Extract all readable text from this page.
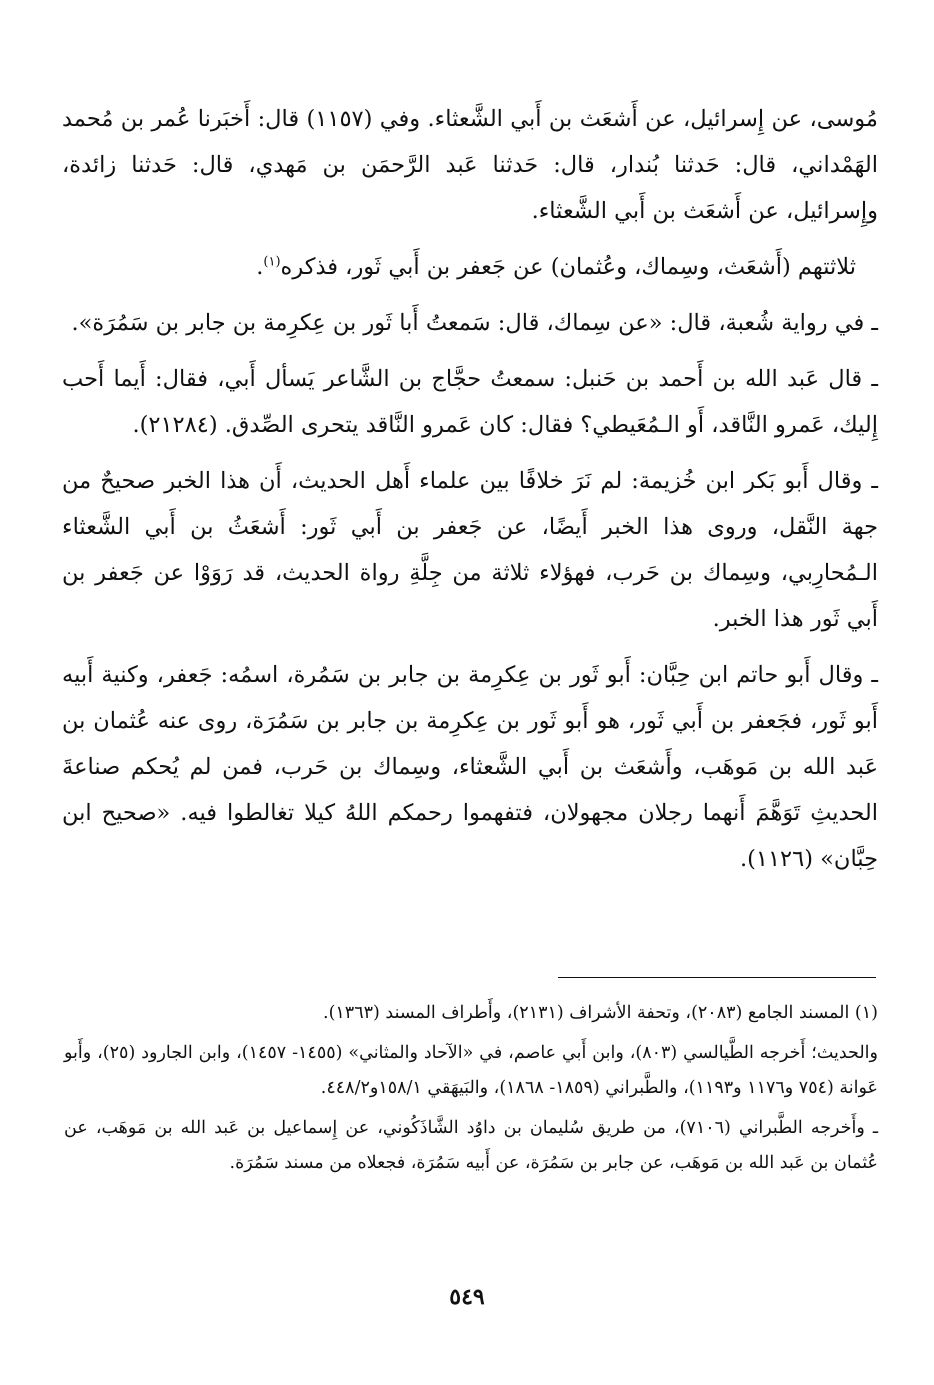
مُوسى، عن إِسرائيل، عن أَشعَث بن أَبي الشَّعثاء. وفي (١١٥٧) قال: أَخبَرنا عُمر بن مُحمد الهَمْداني، قال: حَدثنا بُندار، قال: حَدثنا عَبد الرَّحمَن بن مَهدي، قال: حَدثنا زائدة، وإِسرائيل، عن أَشعَث بن أَبي الشَّعثاء.

ثلاثتهم (أَشعَث، وسِماك، وعُثمان) عن جَعفر بن أَبي ثَور، فذكره$^{(١)}$.

ـ في رواية شُعبة، قال: «عن سِماك، قال: سَمعتُ أَبا ثَور بن عِكرِمة بن جابر بن سَمُرَة».

ـ قال عَبد الله بن أَحمد بن حَنبل: سمعتُ حجَّاج بن الشَّاعر يَسأل أَبي، فقال: أَيما أَحب إِليك، عَمرو النَّاقد، أَو الـمُعَيطي؟ فقال: كان عَمرو النَّاقد يتحرى الصِّدق. (٢١٢٨٤).

ـ وقال أَبو بَكر ابن خُزيمة: لم نَرَ خلافًا بين علماء أَهل الحديث، أَن هذا الخبر صحيحٌ من جهة النَّقل، وروى هذا الخبر أَيضًا، عن جَعفر بن أَبي ثَور: أَشعَثُ بن أَبي الشَّعثاء الـمُحارِبي، وسِماك بن حَرب، فهؤلاء ثلاثة من جِلَّةِ رواة الحديث، قد رَوَوْا عن جَعفر بن أَبي ثَور هذا الخبر.

ـ وقال أَبو حاتم ابن حِبَّان: أَبو ثَور بن عِكرِمة بن جابر بن سَمُرة، اسمُه: جَعفر، وكنية أَبيه أَبو ثَور، فجَعفر بن أَبي ثَور، هو أَبو ثَور بن عِكرِمة بن جابر بن سَمُرَة، روى عنه عُثمان بن عَبد الله بن مَوهَب، وأَشعَث بن أَبي الشَّعثاء، وسِماك بن حَرب، فمن لم يُحكم صناعةَ الحديثِ تَوَهَّمَ أَنهما رجلان مجهولان، فتفهموا رحمكم اللهُ كيلا تغالطوا فيه. «صحيح ابن حِبَّان» (١١٢٦).

(١) المسند الجامع (٢٠٨٣)، وتحفة الأشراف (٢١٣١)، وأَطراف المسند (١٣٦٣).

والحديث؛ أَخرجه الطَّيالسي (٨٠٣)، وابن أَبي عاصم، في «الآحاد والمثاني» (١٤٥٥- ١٤٥٧)، وابن الجارود (٢٥)، وأَبو عَوانة (٧٥٤ و١١٧٦ و١١٩٣)، والطَّبراني (١٨٥٩- ١٨٦٨)، والبَيهَقي ١٥٨/١و٤٤٨/٢.

ـ وأَخرجه الطَّبراني (٧١٠٦)، من طريق سُليمان بن داوُد الشَّاذَكُوني، عن إِسماعيل بن عَبد الله بن مَوهَب، عن عُثمان بن عَبد الله بن مَوهَب، عن جابر بن سَمُرَة، عن أَبيه سَمُرَة، فجعلاه من مسند سَمُرَة.

٥٤٩
